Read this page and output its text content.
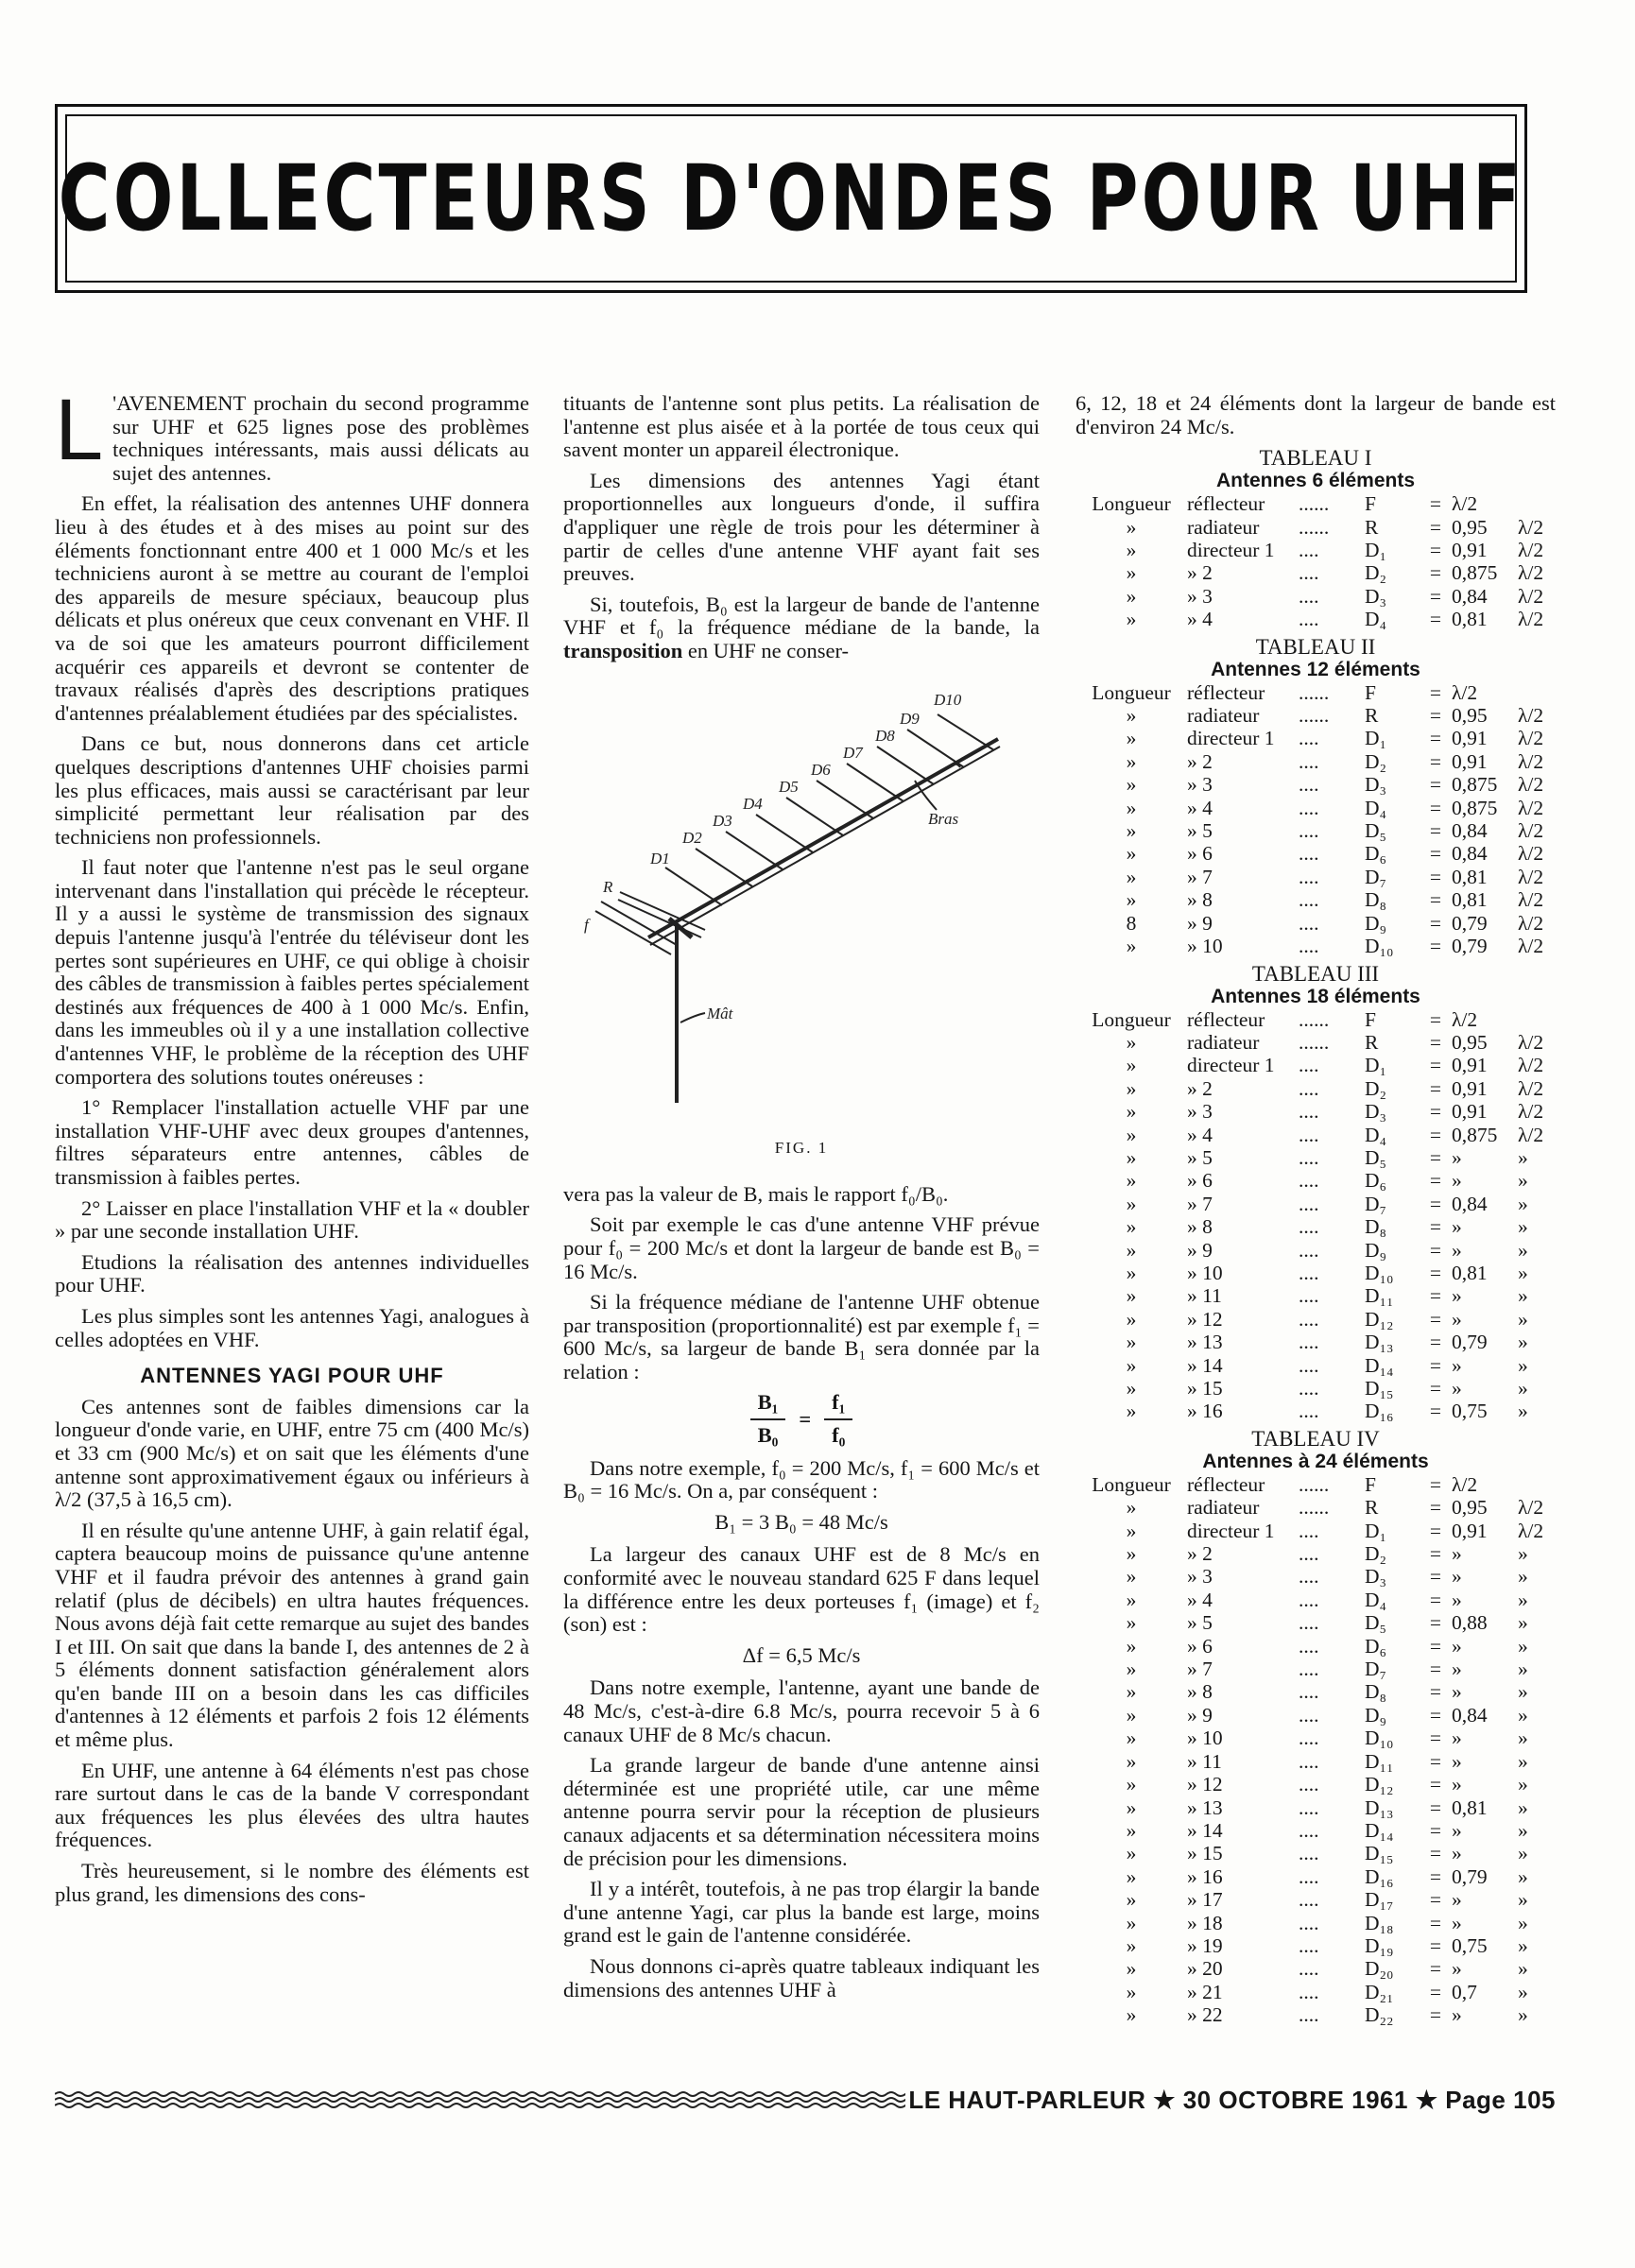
COLLECTEURS D'ONDES POUR UHF

L 'AVENEMENT prochain du second programme sur UHF et 625 lignes pose des problèmes techniques intéressants, mais aussi délicats au sujet des antennes.

En effet, la réalisation des antennes UHF donnera lieu à des études et à des mises au point sur des éléments fonctionnant entre 400 et 1 000 Mc/s et les techniciens auront à se mettre au courant de l'emploi des appareils de mesure spéciaux, beaucoup plus délicats et plus onéreux que ceux convenant en VHF. Il va de soi que les amateurs pourront difficilement acquérir ces appareils et devront se contenter de travaux réalisés d'après des descriptions pratiques d'antennes préalablement étudiées par des spécialistes.

Dans ce but, nous donnerons dans cet article quelques descriptions d'antennes UHF choisies parmi les plus efficaces, mais aussi se caractérisant par leur simplicité permettant leur réalisation par des techniciens non professionnels.

Il faut noter que l'antenne n'est pas le seul organe intervenant dans l'installation qui précède le récepteur. Il y a aussi le système de transmission des signaux depuis l'antenne jusqu'à l'entrée du téléviseur dont les pertes sont supérieures en UHF, ce qui oblige à choisir des câbles de transmission à faibles pertes spécialement destinés aux fréquences de 400 à 1 000 Mc/s. Enfin, dans les immeubles où il y a une installation collective d'antennes VHF, le problème de la réception des UHF comportera des solutions toutes onéreuses :

1° Remplacer l'installation actuelle VHF par une installation VHF-UHF avec deux groupes d'antennes, filtres séparateurs entre antennes, câbles de transmission à faibles pertes.

2° Laisser en place l'installation VHF et la « doubler » par une seconde installation UHF.

Etudions la réalisation des antennes individuelles pour UHF.

Les plus simples sont les antennes Yagi, analogues à celles adoptées en VHF.

ANTENNES YAGI POUR UHF

Ces antennes sont de faibles dimensions car la longueur d'onde varie, en UHF, entre 75 cm (400 Mc/s) et 33 cm (900 Mc/s) et on sait que les éléments d'une antenne sont approximativement égaux ou inférieurs à λ/2 (37,5 à 16,5 cm).

Il en résulte qu'une antenne UHF, à gain relatif égal, captera beaucoup moins de puissance qu'une antenne VHF et il faudra prévoir des antennes à grand gain relatif (plus de décibels) en ultra hautes fréquences. Nous avons déjà fait cette remarque au sujet des bandes I et III. On sait que dans la bande I, des antennes de 2 à 5 éléments donnent satisfaction généralement alors qu'en bande III on a besoin dans les cas difficiles d'antennes à 12 éléments et parfois 2 fois 12 éléments et même plus.

En UHF, une antenne à 64 éléments n'est pas chose rare surtout dans le cas de la bande V correspondant aux fréquences les plus élevées des ultra hautes fréquences.

Très heureusement, si le nombre des éléments est plus grand, les dimensions des cons-

tituants de l'antenne sont plus petits. La réalisation de l'antenne est plus aisée et à la portée de tous ceux qui savent monter un appareil électronique.

Les dimensions des antennes Yagi étant proportionnelles aux longueurs d'onde, il suffira d'appliquer une règle de trois pour les déterminer à partir de celles d'une antenne VHF ayant fait ses preuves.

Si, toutefois, B₀ est la largeur de bande de l'antenne VHF et f₀ la fréquence médiane de la bande, la transposition en UHF ne conser-

f
R
D1
D2
D3
D4
D5
D6
D7
D8
D9
D10
Bras
Mât
FIG. 1

vera pas la valeur de B, mais le rapport f₀/B₀.

Soit par exemple le cas d'une antenne VHF prévue pour f₀ = 200 Mc/s et dont la largeur de bande est B₀ = 16 Mc/s.

Si la fréquence médiane de l'antenne UHF obtenue par transposition (proportionnalité) est par exemple f₁ = 600 Mc/s, sa largeur de bande B₁ sera donnée par la relation :

$\frac{\text{B₁}}{\text{B₀}} = \frac{\text{f₁}}{\text{f₀}}$

Dans notre exemple, f₀ = 200 Mc/s, f₁ = 600 Mc/s et B₀ = 16 Mc/s. On a, par conséquent :

B₁ = 3 B₀ = 48 Mc/s

La largeur des canaux UHF est de 8 Mc/s en conformité avec le nouveau standard 625 F dans lequel la différence entre les deux porteuses f₁ (image) et f₂ (son) est :

Δf = 6,5 Mc/s

Dans notre exemple, l'antenne, ayant une bande de 48 Mc/s, c'est-à-dire 6.8 Mc/s, pourra recevoir 5 à 6 canaux UHF de 8 Mc/s chacun.

La grande largeur de bande d'une antenne ainsi déterminée est une propriété utile, car une même antenne pourra servir pour la réception de plusieurs canaux adjacents et sa détermination nécessitera moins de précision pour les dimensions.

Il y a intérêt, toutefois, à ne pas trop élargir la bande d'une antenne Yagi, car plus la bande est large, moins grand est le gain de l'antenne considérée.

Nous donnons ci-après quatre tableaux indiquant les dimensions des antennes UHF à

6, 12, 18 et 24 éléments dont la largeur de bande est d'environ 24 Mc/s.

TABLEAU I
Antennes 6 éléments
Longueur	réflecteur	......	F	=	λ/2	
»	radiateur	......	R	=	0,95	λ/2
»	directeur 1	....	D₁	=	0,91	λ/2
»	» 2	....	D₂	=	0,875	λ/2
»	» 3	....	D₃	=	0,84	λ/2
»	» 4	....	D₄	=	0,81	λ/2
TABLEAU II
Antennes 12 éléments
Longueur	réflecteur	......	F	=	λ/2	
»	radiateur	......	R	=	0,95	λ/2
»	directeur 1	....	D₁	=	0,91	λ/2
»	» 2	....	D₂	=	0,91	λ/2
»	» 3	....	D₃	=	0,875	λ/2
»	» 4	....	D₄	=	0,875	λ/2
»	» 5	....	D₅	=	0,84	λ/2
»	» 6	....	D₆	=	0,84	λ/2
»	» 7	....	D₇	=	0,81	λ/2
»	» 8	....	D₈	=	0,81	λ/2
8	» 9	....	D₉	=	0,79	λ/2
»	» 10	....	D₁₀	=	0,79	λ/2
TABLEAU III
Antennes 18 éléments
Longueur	réflecteur	......	F	=	λ/2	
»	radiateur	......	R	=	0,95	λ/2
»	directeur 1	....	D₁	=	0,91	λ/2
»	» 2	....	D₂	=	0,91	λ/2
»	» 3	....	D₃	=	0,91	λ/2
»	» 4	....	D₄	=	0,875	λ/2
»	» 5	....	D₅	=	»	»
»	» 6	....	D₆	=	»	»
»	» 7	....	D₇	=	0,84	»
»	» 8	....	D₈	=	»	»
»	» 9	....	D₉	=	»	»
»	» 10	....	D₁₀	=	0,81	»
»	» 11	....	D₁₁	=	»	»
»	» 12	....	D₁₂	=	»	»
»	» 13	....	D₁₃	=	0,79	»
»	» 14	....	D₁₄	=	»	»
»	» 15	....	D₁₅	=	»	»
»	» 16	....	D₁₆	=	0,75	»
TABLEAU IV
Antennes à 24 éléments
Longueur	réflecteur	......	F	=	λ/2	
»	radiateur	......	R	=	0,95	λ/2
»	directeur 1	....	D₁	=	0,91	λ/2
»	» 2	....	D₂	=	»	»
»	» 3	....	D₃	=	»	»
»	» 4	....	D₄	=	»	»
»	» 5	....	D₅	=	0,88	»
»	» 6	....	D₆	=	»	»
»	» 7	....	D₇	=	»	»
»	» 8	....	D₈	=	»	»
»	» 9	....	D₉	=	0,84	»
»	» 10	....	D₁₀	=	»	»
»	» 11	....	D₁₁	=	»	»
»	» 12	....	D₁₂	=	»	»
»	» 13	....	D₁₃	=	0,81	»
»	» 14	....	D₁₄	=	»	»
»	» 15	....	D₁₅	=	»	»
»	» 16	....	D₁₆	=	0,79	»
»	» 17	....	D₁₇	=	»	»
»	» 18	....	D₁₈	=	»	»
»	» 19	....	D₁₉	=	0,75	»
»	» 20	....	D₂₀	=	»	»
»	» 21	....	D₂₁	=	0,7	»
»	» 22	....	D₂₂	=	»	»
LE HAUT-PARLEUR ★ 30 OCTOBRE 1961 ★ Page 105
